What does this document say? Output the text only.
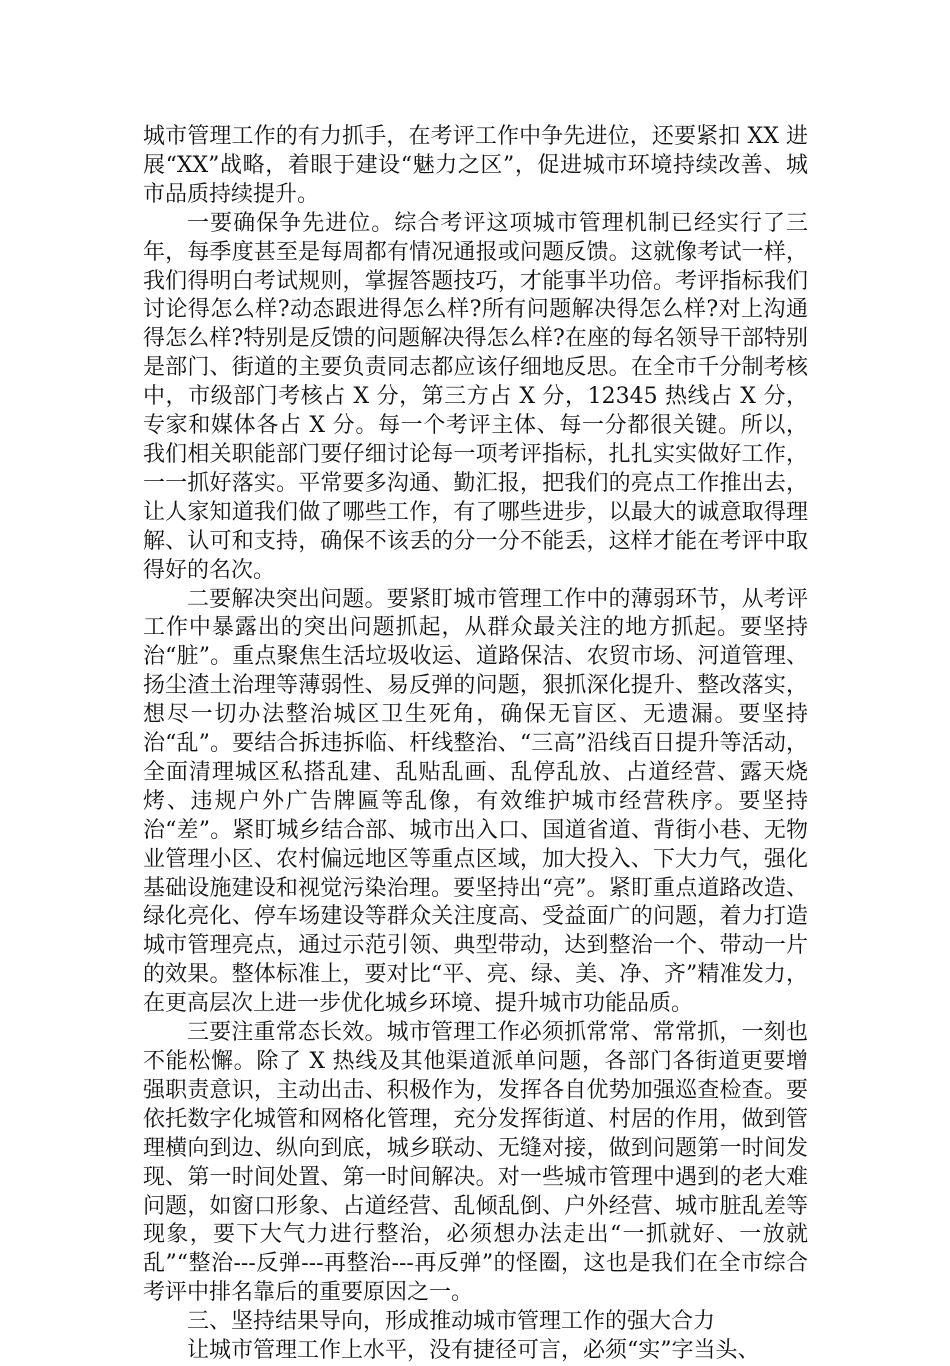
城市管理工作的有力抓手，在考评工作中争先进位，还要紧扣 XX 进展“XX”战略，着眼于建设“魅力之区”，促进城市环境持续改善、城市品质持续提升。

一要确保争先进位。综合考评这项城市管理机制已经实行了三年，每季度甚至是每周都有情况通报或问题反馈。这就像考试一样，我们得明白考试规则，掌握答题技巧，才能事半功倍。考评指标我们讨论得怎么样?动态跟进得怎么样?所有问题解决得怎么样?对上沟通得怎么样?特别是反馈的问题解决得怎么样?在座的每名领导干部特别是部门、街道的主要负责同志都应该仔细地反思。在全市千分制考核中，市级部门考核占 X 分，第三方占 X 分，12345 热线占 X 分，专家和媒体各占 X 分。每一个考评主体、每一分都很关键。所以，我们相关职能部门要仔细讨论每一项考评指标，扎扎实实做好工作，一一抓好落实。平常要多沟通、勤汇报，把我们的亮点工作推出去，让人家知道我们做了哪些工作，有了哪些进步，以最大的诚意取得理解、认可和支持，确保不该丢的分一分不能丢，这样才能在考评中取得好的名次。

二要解决突出问题。要紧盯城市管理工作中的薄弱环节，从考评工作中暴露出的突出问题抓起，从群众最关注的地方抓起。要坚持治“脏”。重点聚焦生活垃圾收运、道路保洁、农贸市场、河道管理、扬尘渣土治理等薄弱性、易反弹的问题，狠抓深化提升、整改落实，想尽一切办法整治城区卫生死角，确保无盲区、无遗漏。要坚持治“乱”。要结合拆违拆临、杆线整治、“三高”沿线百日提升等活动，全面清理城区私搭乱建、乱贴乱画、乱停乱放、占道经营、露天烧烤、违规户外广告牌匾等乱像，有效维护城市经营秩序。要坚持治“差”。紧盯城乡结合部、城市出入口、国道省道、背街小巷、无物业管理小区、农村偏远地区等重点区域，加大投入、下大力气，强化基础设施建设和视觉污染治理。要坚持出“亮”。紧盯重点道路改造、绿化亮化、停车场建设等群众关注度高、受益面广的问题，着力打造城市管理亮点，通过示范引领、典型带动，达到整治一个、带动一片的效果。整体标准上，要对比“平、亮、绿、美、净、齐”精准发力，在更高层次上进一步优化城乡环境、提升城市功能品质。

三要注重常态长效。城市管理工作必须抓常常、常常抓，一刻也不能松懈。除了 X 热线及其他渠道派单问题，各部门各街道更要增强职责意识，主动出击、积极作为，发挥各自优势加强巡查检查。要依托数字化城管和网格化管理，充分发挥街道、村居的作用，做到管理横向到边、纵向到底，城乡联动、无缝对接，做到问题第一时间发现、第一时间处置、第一时间解决。对一些城市管理中遇到的老大难问题，如窗口形象、占道经营、乱倾乱倒、户外经营、城市脏乱差等现象，要下大气力进行整治，必须想办法走出“一抓就好、一放就乱”“整治---反弹---再整治---再反弹”的怪圈，这也是我们在全市综合考评中排名靠后的重要原因之一。

三、坚持结果导向，形成推动城市管理工作的强大合力

让城市管理工作上水平，没有捷径可言，必须“实”字当头、
